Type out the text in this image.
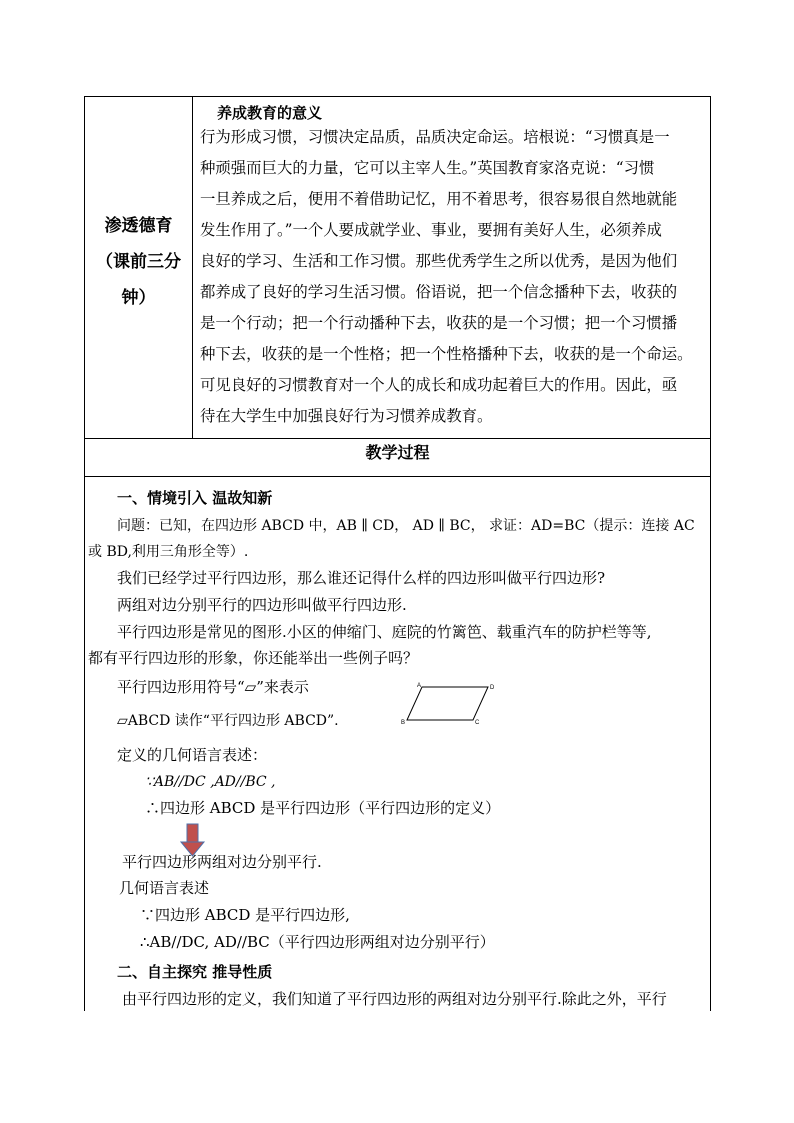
渗透德育
（课前三分
钟）
养成教育的意义
行为形成习惯，习惯决定品质，品质决定命运。培根说：“习惯真是一
种顽强而巨大的力量，它可以主宰人生。”英国教育家洛克说：“习惯
一旦养成之后，便用不着借助记忆，用不着思考，很容易很自然地就能
发生作用了。”一个人要成就学业、事业，要拥有美好人生，必须养成
良好的学习、生活和工作习惯。那些优秀学生之所以优秀，是因为他们
都养成了良好的学习生活习惯。俗语说，把一个信念播种下去，收获的
是一个行动；把一个行动播种下去，收获的是一个习惯；把一个习惯播
种下去，收获的是一个性格；把一个性格播种下去，收获的是一个命运。
可见良好的习惯教育对一个人的成长和成功起着巨大的作用。因此，亟
待在大学生中加强良好行为习惯养成教育。
教学过程
一、情境引入 温故知新
问题：已知，在四边形 ABCD 中，AB ∥ CD， AD ∥ BC， 求证：AD=BC（提示：连接 AC
或 BD,利用三角形全等）.
我们已经学过平行四边形，那么谁还记得什么样的四边形叫做平行四边形?
两组对边分别平行的四边形叫做平行四边形.
平行四边形是常见的图形.小区的伸缩门、庭院的竹篱笆、载重汽车的防护栏等等,
都有平行四边形的形象，你还能举出一些例子吗？
平行四边形用符号“▱”来表示
▱ABCD 读作“平行四边形 ABCD”.
A	D
B	C
定义的几何语言表述：
∵AB//DC ,AD//BC ,
∴四边形 ABCD 是平行四边形（平行四边形的定义）
平行四边形两组对边分别平行.
几何语言表述
∵四边形 ABCD 是平行四边形,
∴AB//DC, AD//BC（平行四边形两组对边分别平行）
二、自主探究 推导性质
由平行四边形的定义，我们知道了平行四边形的两组对边分别平行.除此之外，平行
